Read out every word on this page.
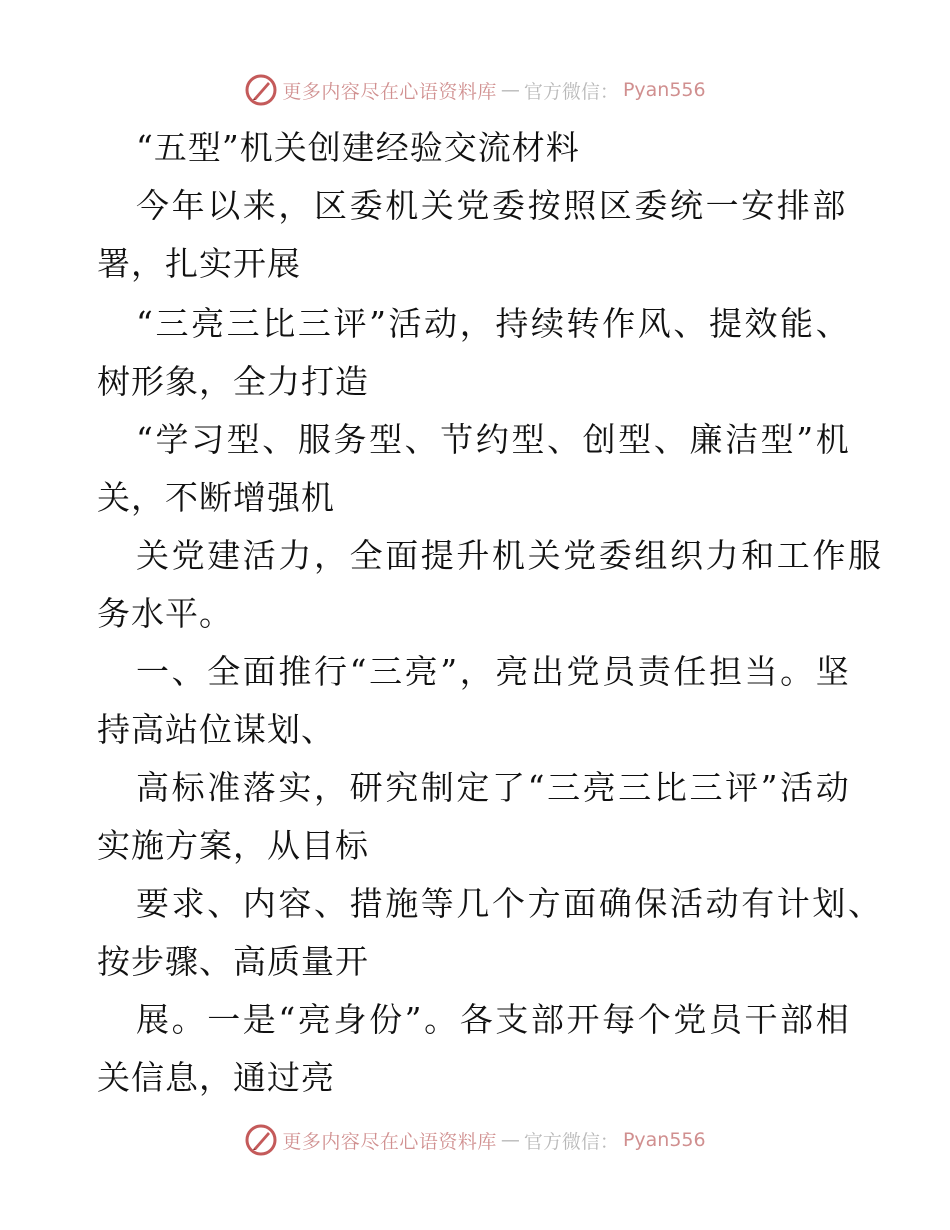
更多内容尽在心语资料库 — 官方微信： Pyan556
“五型”机关创建经验交流材料
今年以来，区委机关党委按照区委统一安排部
署，扎实开展
“三亮三比三评”活动，持续转作风、提效能、
树形象，全力打造
“学习型、服务型、节约型、创型、廉洁型”机
关，不断增强机
关党建活力，全面提升机关党委组织力和工作服
务水平。
一、全面推行“三亮”，亮出党员责任担当。坚
持高站位谋划、
高标准落实，研究制定了“三亮三比三评”活动
实施方案，从目标
要求、内容、措施等几个方面确保活动有计划、
按步骤、高质量开
展。一是“亮身份”。各支部开每个党员干部相
关信息，通过亮
更多内容尽在心语资料库 — 官方微信： Pyan556
